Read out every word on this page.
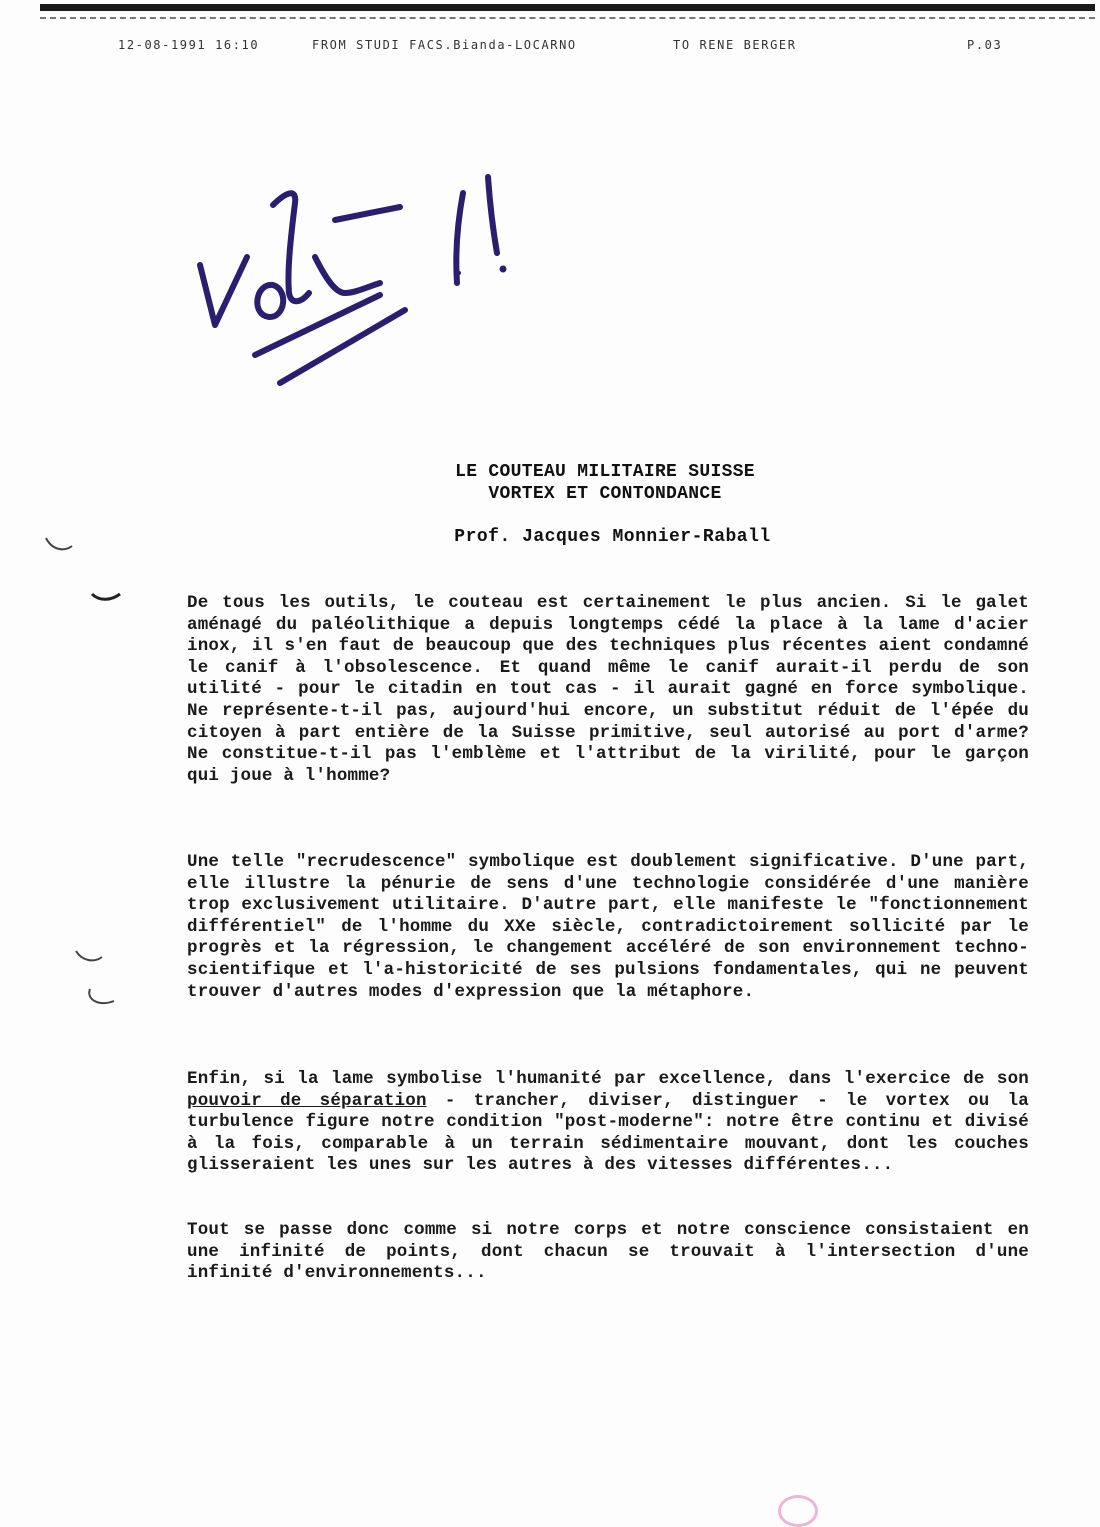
12-08-1991 16:10	FROM STUDI FACS.Bianda-LOCARNO	TO RENE BERGER	P.03
LE COUTEAU MILITAIRE SUISSE
VORTEX ET CONTONDANCE
Prof. Jacques Monnier-Raball

De tous les outils, le couteau est certainement le plus ancien. Si le galet aménagé du paléolithique a depuis longtemps cédé la place à la lame d'acier inox, il s'en faut de beaucoup que des techniques plus récentes aient condamné le canif à l'obsolescence. Et quand même le canif aurait-il perdu de son utilité - pour le citadin en tout cas - il aurait gagné en force symbolique. Ne représente-t-il pas, aujourd'hui encore, un substitut réduit de l'épée du citoyen à part entière de la Suisse primitive, seul autorisé au port d'arme? Ne constitue-t-il pas l'emblème et l'attribut de la virilité, pour le garçon qui joue à l'homme?

Une telle "recrudescence" symbolique est doublement significative. D'une part, elle illustre la pénurie de sens d'une technologie considérée d'une manière trop exclusivement utilitaire. D'autre part, elle manifeste le "fonctionnement différentiel" de l'homme du XXe siècle, contradictoirement sollicité par le progrès et la régression, le changement accéléré de son environnement techno-scientifique et l'a-historicité de ses pulsions fondamentales, qui ne peuvent trouver d'autres modes d'expression que la métaphore.

Enfin, si la lame symbolise l'humanité par excellence, dans l'exercice de son pouvoir de séparation - trancher, diviser, distinguer - le vortex ou la turbulence figure notre condition "post-moderne": notre être continu et divisé à la fois, comparable à un terrain sédimentaire mouvant, dont les couches glisseraient les unes sur les autres à des vitesses différentes...

Tout se passe donc comme si notre corps et notre conscience consistaient en une infinité de points, dont chacun se trouvait à l'intersection d'une infinité d'environnements...
